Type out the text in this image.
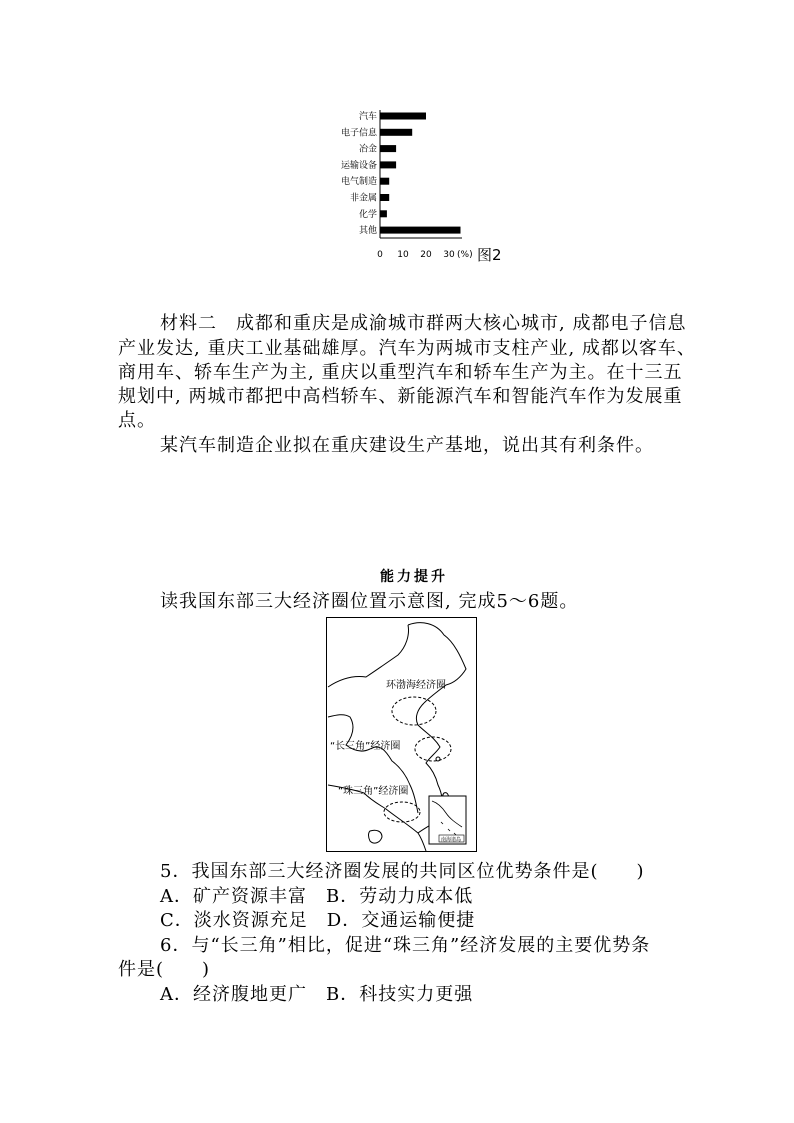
汽车
电子信息
冶金
运输设备
电气制造
非金属
化学
其他
0 10 20 30 (%) 图2
材料二　成都和重庆是成渝城市群两大核心城市, 成都电子信息
产业发达, 重庆工业基础雄厚。汽车为两城市支柱产业, 成都以客车、
商用车、轿车生产为主, 重庆以重型汽车和轿车生产为主。在十三五
规划中, 两城市都把中高档轿车、新能源汽车和智能汽车作为发展重
点。
某汽车制造企业拟在重庆建设生产基地，说出其有利条件。
能力提升
读我国东部三大经济圈位置示意图, 完成5～6题。
环渤海经济圈
“长三角”经济圈
“珠三角”经济圈
南海诸岛
5．我国东部三大经济圈发展的共同区位优势条件是(　　)
A．矿产资源丰富　B．劳动力成本低
C．淡水资源充足　D．交通运输便捷
6．与“长三角”相比，促进“珠三角”经济发展的主要优势条
件是(　　)
A．经济腹地更广　B．科技实力更强
